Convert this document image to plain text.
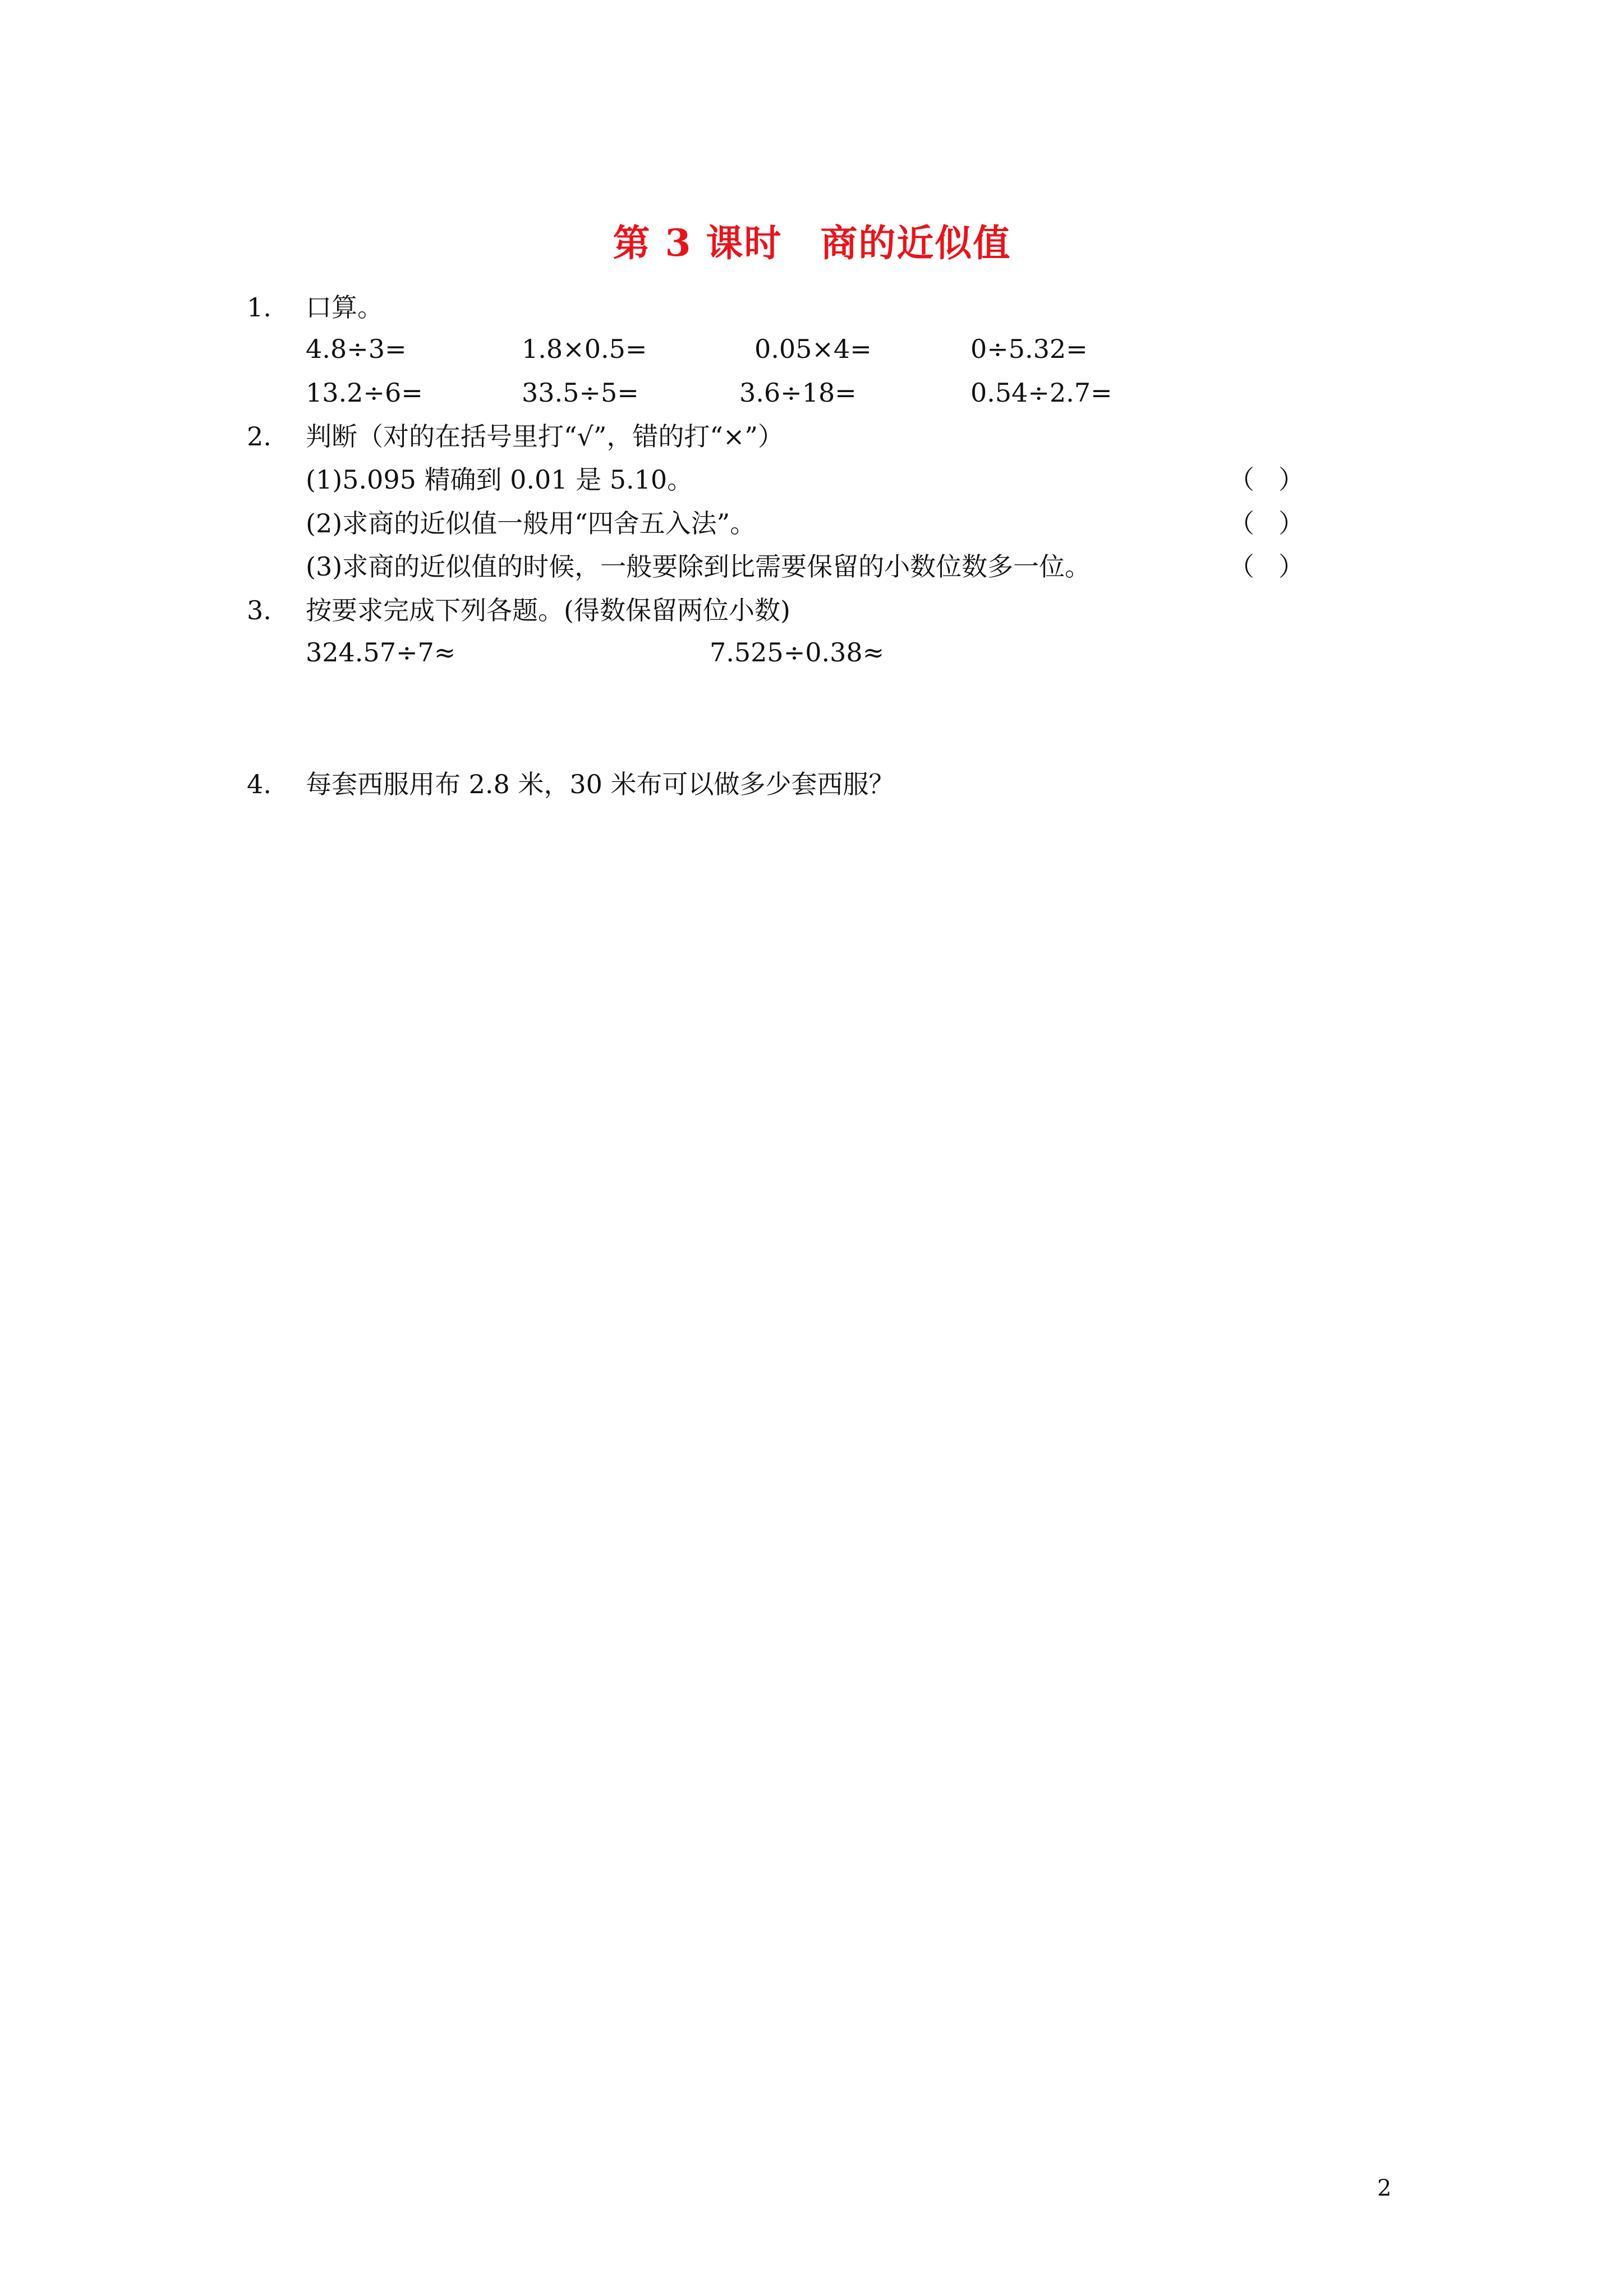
第 3 课时　商的近似值
1. 口算。
4.8÷3=	1.8×0.5=	0.05×4=	0÷5.32=
13.2÷6=	33.5÷5=	3.6÷18=	0.54÷2.7=
2. 判断（对的在括号里打“√”，错的打“×”）
(1)5.095 精确到 0.01 是 5.10。	（ ）
(2)求商的近似值一般用“四舍五入法”。	（ ）
(3)求商的近似值的时候，一般要除到比需要保留的小数位数多一位。	（ ）
3. 按要求完成下列各题。(得数保留两位小数)
324.57÷7≈	7.525÷0.38≈
4. 每套西服用布 2.8 米，30 米布可以做多少套西服？
2
